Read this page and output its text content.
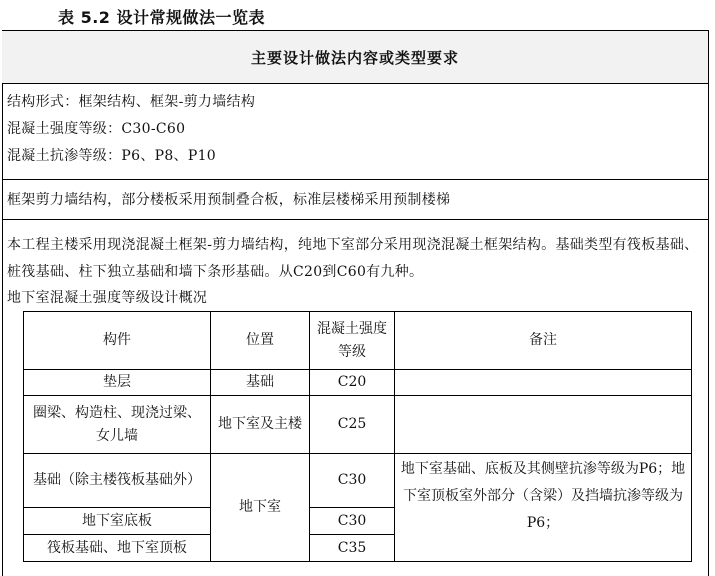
表 5.2 设计常规做法一览表
主要设计做法内容或类型要求
结构形式：框架结构、框架-剪力墙结构
混凝土强度等级：C30-C60
混凝土抗渗等级：P6、P8、P10
框架剪力墙结构，部分楼板采用预制叠合板，标准层楼梯采用预制楼梯
本工程主楼采用现浇混凝土框架-剪力墙结构，纯地下室部分采用现浇混凝土框架结构。基础类型有筏板基础、桩筏基础、柱下独立基础和墙下条形基础。从C20到C60有九种。
地下室混凝土强度等级设计概况
构件	位置	混凝土强度等级	备注
垫层	基础	C20	
圈梁、构造柱、现浇过梁、女儿墙	地下室及主楼	C25	
基础（除主楼筏板基础外）	地下室	C30	地下室基础、底板及其侧壁抗渗等级为P6；地下室顶板室外部分（含梁）及挡墙抗渗等级为P6；
地下室底板		C30	
筏板基础、地下室顶板		C35	
